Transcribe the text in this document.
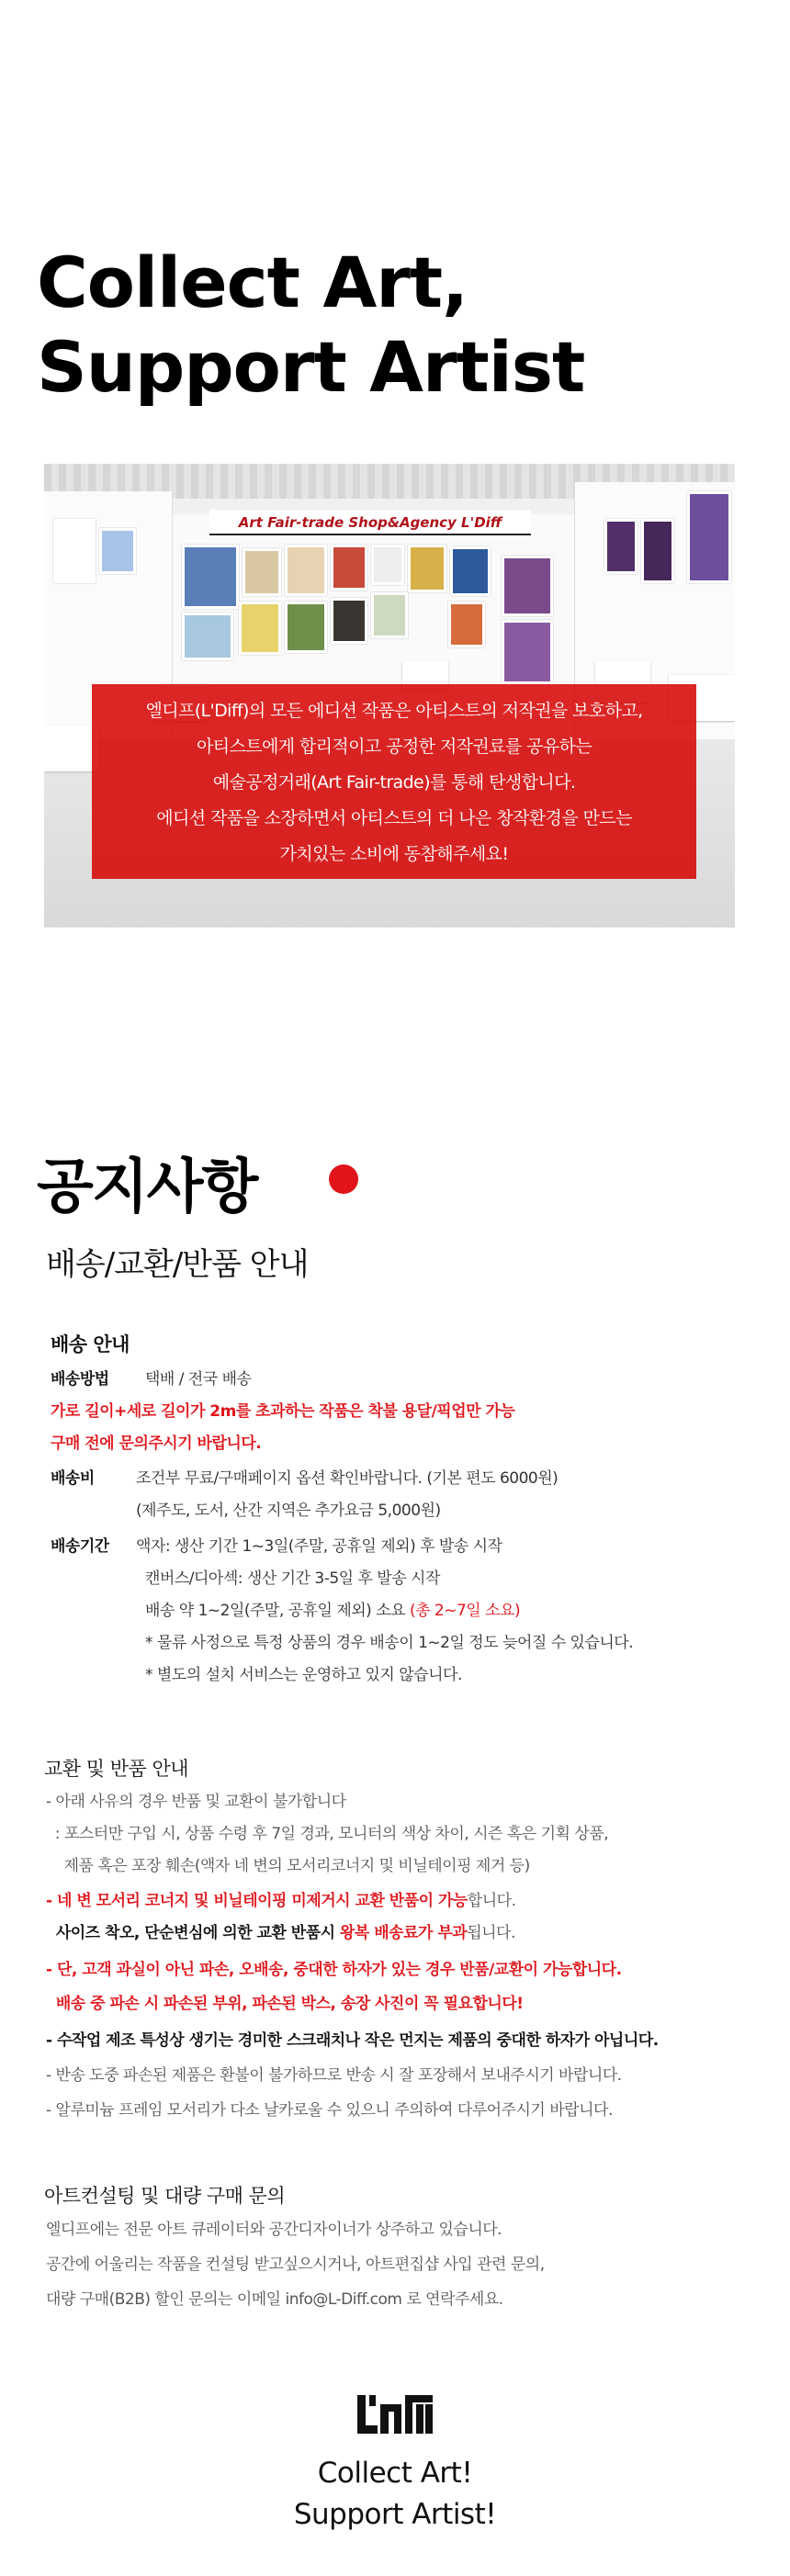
Collect Art,
Support Artist
Art Fair-trade Shop&Agency L'Diff
엘디프(L'Diff)의 모든 에디션 작품은 아티스트의 저작권을 보호하고,
아티스트에게 합리적이고 공정한 저작권료를 공유하는
예술공정거래(Art Fair-trade)를 통해 탄생합니다.
에디션 작품을 소장하면서 아티스트의 더 나은 창작환경을 만드는
가치있는 소비에 동참해주세요!
공지사항
배송/교환/반품 안내
배송 안내
배송방법 택배 / 전국 배송
가로 길이+세로 길이가 2m를 초과하는 작품은 착불 용달/픽업만 가능
구매 전에 문의주시기 바랍니다.
배송비	조건부 무료/구매페이지 옵션 확인바랍니다. (기본 편도 6000원)
(제주도, 도서, 산간 지역은 추가요금 5,000원)
배송기간 액자: 생산 기간 1~3일(주말, 공휴일 제외) 후 발송 시작
캔버스/디아섹: 생산 기간 3-5일 후 발송 시작
배송 약 1~2일(주말, 공휴일 제외) 소요 (총 2~7일 소요)
* 물류 사정으로 특정 상품의 경우 배송이 1~2일 정도 늦어질 수 있습니다.
* 별도의 설치 서비스는 운영하고 있지 않습니다.
교환 및 반품 안내
- 아래 사유의 경우 반품 및 교환이 불가합니다
: 포스터만 구입 시, 상품 수령 후 7일 경과, 모니터의 색상 차이, 시즌 혹은 기획 상품,
제품 혹은 포장 훼손(액자 네 변의 모서리코너지 및 비닐테이핑 제거 등)
- 네 변 모서리 코너지 및 비닐테이핑 미제거시 교환 반품이 가능합니다.
사이즈 착오, 단순변심에 의한 교환 반품시 왕복 배송료가 부과됩니다.
- 단, 고객 과실이 아닌 파손, 오배송, 중대한 하자가 있는 경우 반품/교환이 가능합니다.
배송 중 파손 시 파손된 부위, 파손된 박스, 송장 사진이 꼭 필요합니다!
- 수작업 제조 특성상 생기는 경미한 스크래치나 작은 먼지는 제품의 중대한 하자가 아닙니다.
- 반송 도중 파손된 제품은 환불이 불가하므로 반송 시 잘 포장해서 보내주시기 바랍니다.
- 알루미늄 프레임 모서리가 다소 날카로울 수 있으니 주의하여 다루어주시기 바랍니다.
아트컨설팅 및 대량 구매 문의
엘디프에는 전문 아트 큐레이터와 공간디자이너가 상주하고 있습니다.
공간에 어울리는 작품을 컨설팅 받고싶으시거나, 아트편집샵 사입 관련 문의,
대량 구매(B2B) 할인 문의는 이메일 info@L-Diff.com 로 연락주세요.
Collect Art!
Support Artist!
